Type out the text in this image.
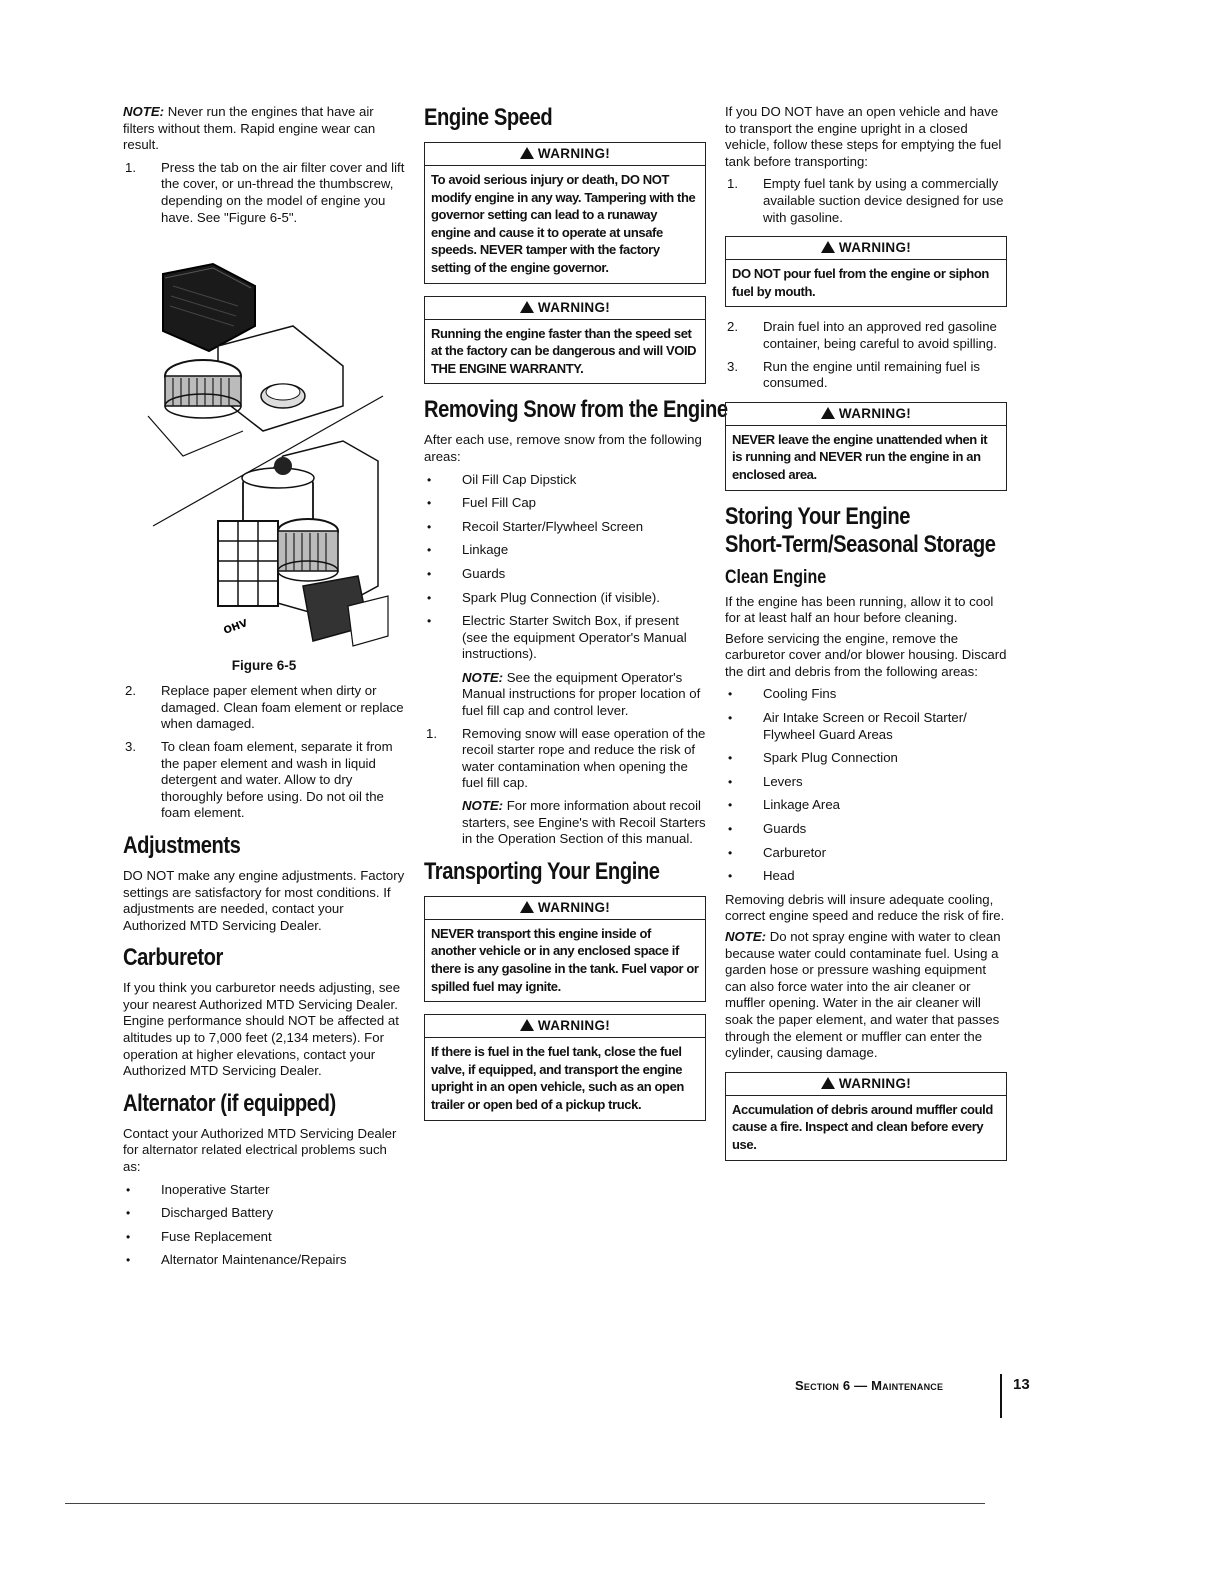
NOTE: Never run the engines that have air filters without them. Rapid engine wear can result.

1. Press the tab on the air filter cover and lift the cover, or un-thread the thumbscrew, depending on the model of engine you have. See "Figure 6-5".
OHV
Figure 6-5
2. Replace paper element when dirty or damaged. Clean foam element or replace when damaged.
3. To clean foam element, separate it from the paper element and wash in liquid detergent and water. Allow to dry thoroughly before using. Do not oil the foam element.
Adjustments

DO NOT make any engine adjustments. Factory settings are satisfactory for most conditions. If adjustments are needed, contact your Authorized MTD Servicing Dealer.

Carburetor

If you think you carburetor needs adjusting, see your nearest Authorized MTD Servicing Dealer. Engine performance should NOT be affected at altitudes up to 7,000 feet (2,134 meters). For operation at higher elevations, contact your Authorized MTD Servicing Dealer.

Alternator (if equipped)

Contact your Authorized MTD Servicing Dealer for alternator related electrical problems such as:

• Inoperative Starter
• Discharged Battery
• Fuse Replacement
• Alternator Maintenance/Repairs
Engine Speed
WARNING!
To avoid serious injury or death, DO NOT modify engine in any way. Tampering with the governor setting can lead to a runaway engine and cause it to operate at unsafe speeds. NEVER tamper with the factory setting of the engine governor.
WARNING!
Running the engine faster than the speed set at the factory can be dangerous and will VOID THE ENGINE WARRANTY.
Removing Snow from the Engine

After each use, remove snow from the following areas:

• Oil Fill Cap Dipstick
• Fuel Fill Cap
• Recoil Starter/Flywheel Screen
• Linkage
• Guards
• Spark Plug Connection (if visible).
• Electric Starter Switch Box, if present (see the equipment Operator's Manual instructions).

NOTE: See the equipment Operator's Manual instructions for proper location of fuel fill cap and control lever.

1. Removing snow will ease operation of the recoil starter rope and reduce the risk of water contamination when opening the fuel fill cap.

NOTE: For more information about recoil starters, see Engine's with Recoil Starters in the Operation Section of this manual.

Transporting Your Engine
WARNING!
NEVER transport this engine inside of another vehicle or in any enclosed space if there is any gasoline in the tank. Fuel vapor or spilled fuel may ignite.
WARNING!
If there is fuel in the fuel tank, close the fuel valve, if equipped, and transport the engine upright in an open vehicle, such as an open trailer or open bed of a pickup truck.

If you DO NOT have an open vehicle and have to transport the engine upright in a closed vehicle, follow these steps for emptying the fuel tank before transporting:

1. Empty fuel tank by using a commercially available suction device designed for use with gasoline.
WARNING!
DO NOT pour fuel from the engine or siphon fuel by mouth.
2. Drain fuel into an approved red gasoline container, being careful to avoid spilling.
3. Run the engine until remaining fuel is consumed.
WARNING!
NEVER leave the engine unattended when it is running and NEVER run the engine in an enclosed area.
Storing Your Engine
Short-Term/Seasonal Storage
Clean Engine

If the engine has been running, allow it to cool for at least half an hour before cleaning.

Before servicing the engine, remove the carburetor cover and/or blower housing. Discard the dirt and debris from the following areas:

• Cooling Fins
• Air Intake Screen or Recoil Starter/ Flywheel Guard Areas
• Spark Plug Connection
• Levers
• Linkage Area
• Guards
• Carburetor
• Head

Removing debris will insure adequate cooling, correct engine speed and reduce the risk of fire.

NOTE: Do not spray engine with water to clean because water could contaminate fuel. Using a garden hose or pressure washing equipment can also force water into the air cleaner or muffler opening. Water in the air cleaner will soak the paper element, and water that passes through the element or muffler can enter the cylinder, causing damage.

WARNING!
Accumulation of debris around muffler could cause a fire. Inspect and clean before every use.
Section 6 — Maintenance	13
